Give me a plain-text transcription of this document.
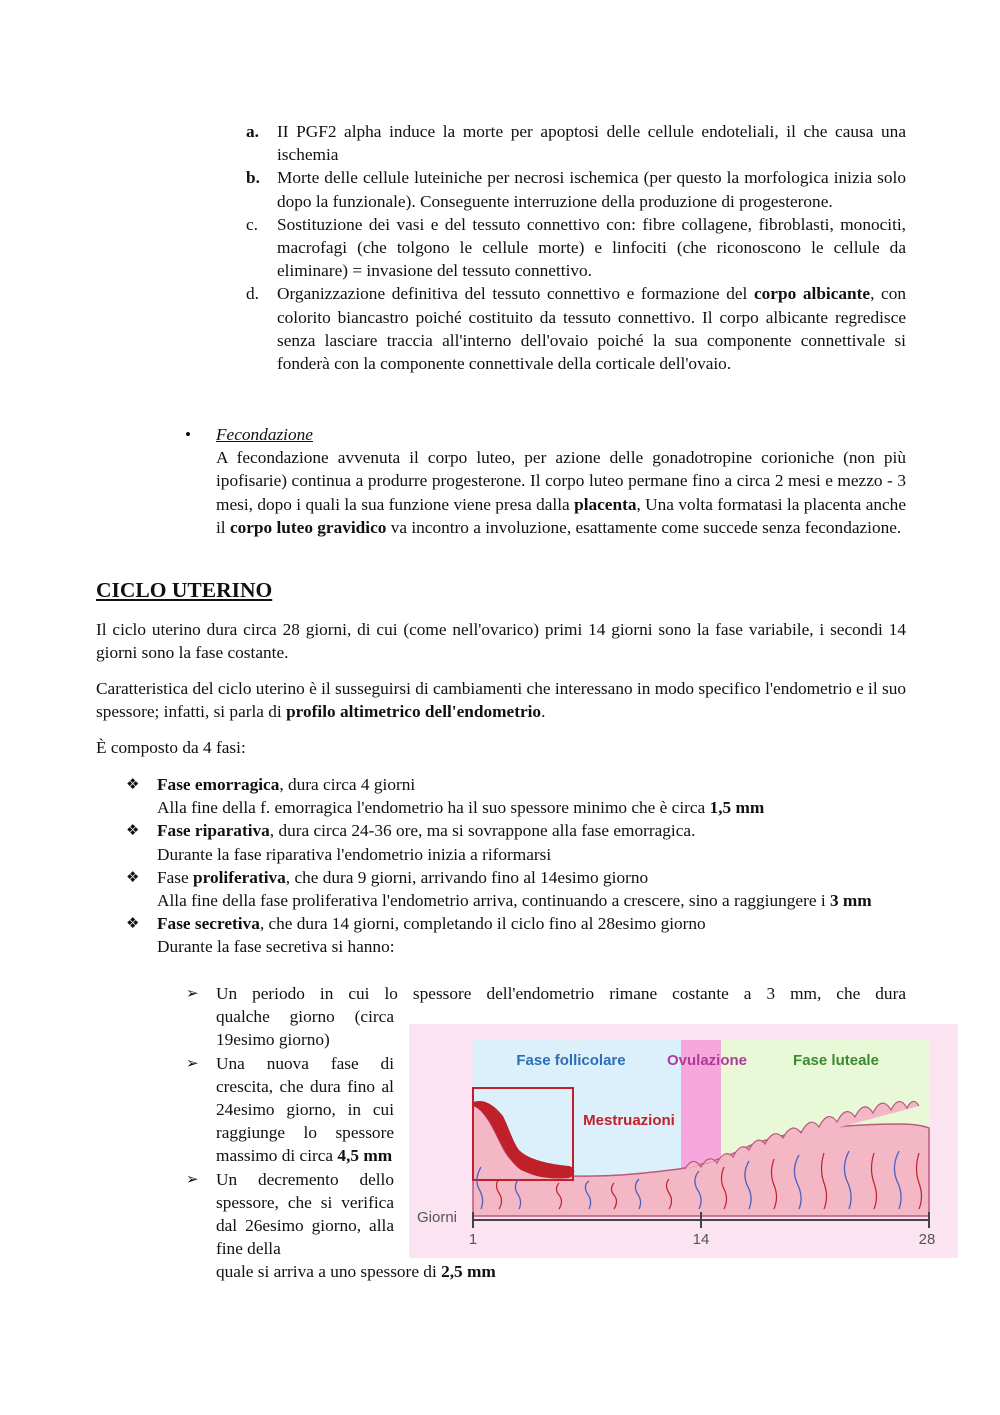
a.	II PGF2 alpha induce la morte per apoptosi delle cellule endoteliali, il che causa una ischemia
b. Morte delle cellule luteiniche per necrosi ischemica (per questo la morfologica inizia solo dopo la funzionale). Conseguente interruzione della produzione di progesterone.
c.	Sostituzione dei vasi e del tessuto connettivo con: fibre collagene, fibroblasti, monociti, macrofagi (che tolgono le cellule morte) e linfociti (che riconoscono le cellule da eliminare) = invasione del tessuto connettivo.
d.	Organizzazione definitiva del tessuto connettivo e formazione del corpo albicante, con colorito biancastro poiché costituito da tessuto connettivo. Il corpo albicante regredisce senza lasciare traccia all'interno dell'ovaio poiché la sua componente connettivale si fonderà con la componente connettivale della corticale dell'ovaio.
• Fecondazione
A fecondazione avvenuta il corpo luteo, per azione delle gonadotropine corioniche (non più ipofisarie) continua a produrre progesterone. Il corpo luteo permane fino a circa 2 mesi e mezzo - 3 mesi, dopo i quali la sua funzione viene presa dalla placenta, Una volta formatasi la placenta anche il corpo luteo gravidico va incontro a involuzione, esattamente come succede senza fecondazione.
CICLO UTERINO
Il ciclo uterino dura circa 28 giorni, di cui (come nell'ovarico) primi 14 giorni sono la fase variabile, i secondi 14 giorni sono la fase costante.
Caratteristica del ciclo uterino è il susseguirsi di cambiamenti che interessano in modo specifico l'endometrio e il suo spessore; infatti, si parla di profilo altimetrico dell'endometrio.
È composto da 4 fasi:
❖ Fase emorragica, dura circa 4 giorni
Alla fine della f. emorragica l'endometrio ha il suo spessore minimo che è circa 1,5 mm
❖ Fase riparativa, dura circa 24-36 ore, ma si sovrappone alla fase emorragica.
Durante la fase riparativa l'endometrio inizia a riformarsi
❖ Fase proliferativa, che dura 9 giorni, arrivando fino al 14esimo giorno
Alla fine della fase proliferativa l'endometrio arriva, continuando a crescere, sino a raggiungere i 3 mm
❖ Fase secretiva, che dura 14 giorni, completando il ciclo fino al 28esimo giorno
Durante la fase secretiva si hanno:
➢ Un periodo in cui lo spessore dell'endometrio rimane costante a 3 mm, che dura
qualche giorno (circa 19esimo giorno)
➢ Una nuova fase di crescita, che dura fino al 24esimo giorno, in cui raggiunge lo spessore massimo di circa 4,5 mm
➢ Un decremento dello spessore, che si verifica dal 26esimo giorno, alla fine della
quale si arriva a uno spessore di 2,5 mm
Fase follicolare	Ovulazione	Fase luteale
Mestruazioni
Giorni
1	14	28
